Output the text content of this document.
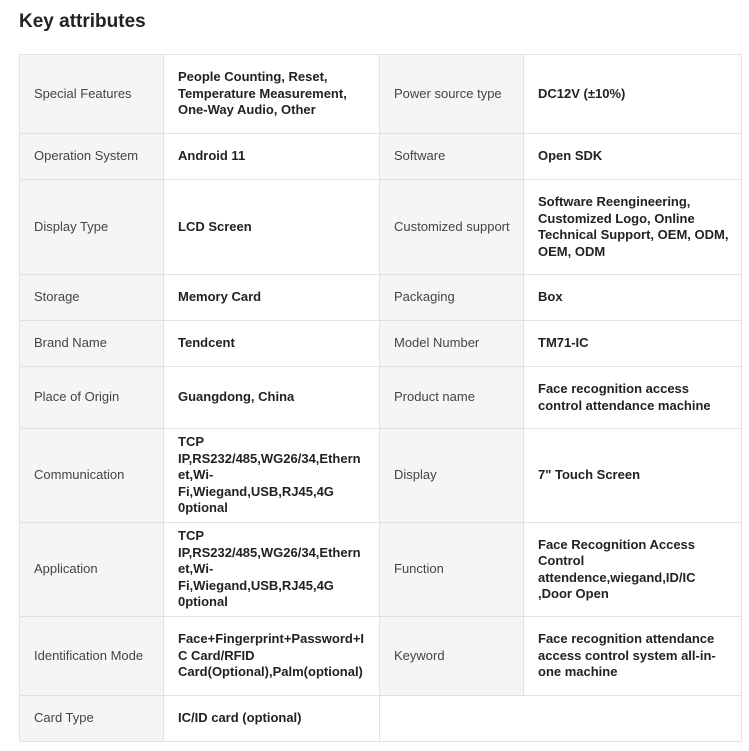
Key attributes
Special Features	People Counting, Reset, Temperature Measurement, One-Way Audio, Other	Power source type	DC12V (±10%)
Operation System	Android 11	Software	Open SDK
Display Type	LCD Screen	Customized support	Software Reengineering, Customized Logo, Online Technical Support, OEM, ODM, OEM, ODM
Storage	Memory Card	Packaging	Box
Brand Name	Tendcent	Model Number	TM71-IC
Place of Origin	Guangdong, China	Product name	Face recognition access control attendance machine
Communication	TCP IP,RS232/485,WG26/34,Ethernet,Wi-Fi,Wiegand,USB,RJ45,4G 0ptional	Display	7" Touch Screen
Application	TCP IP,RS232/485,WG26/34,Ethernet,Wi-Fi,Wiegand,USB,RJ45,4G 0ptional	Function	Face Recognition Access Control attendence,wiegand,ID/IC ,Door Open
Identification Mode	Face+Fingerprint+Password+IC Card/RFID Card(Optional),Palm(optional)	Keyword	Face recognition attendance access control system all-in-one machine
Card Type	IC/ID card (optional)		
